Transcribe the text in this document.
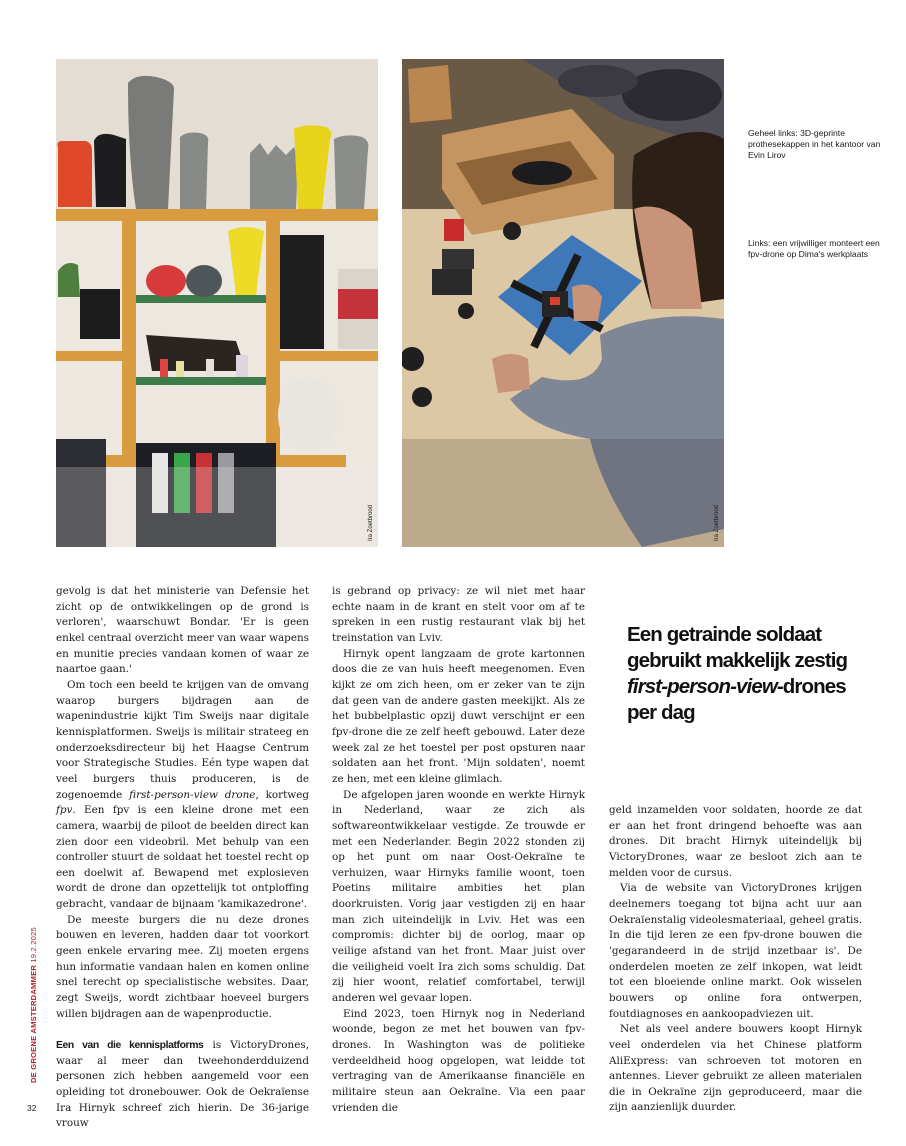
Ira Zoetbrood	Ira Zoetbrood
Geheel links: 3D-geprinte prothesekappen in het kantoor van Evin Lirov
Links: een vrijwilliger monteert een fpv-drone op Dima's werkplaats

gevolg is dat het ministerie van Defensie het zicht op de ontwikkelingen op de grond is verloren', waarschuwt Bondar. 'Er is geen enkel centraal overzicht meer van waar wapens en munitie precies vandaan komen of waar ze naartoe gaan.'

Om toch een beeld te krijgen van de omvang waarop burgers bijdragen aan de wapenindustrie kijkt Tim Sweijs naar digitale kennisplatformen. Sweijs is militair strateeg en onderzoeksdirecteur bij het Haagse Centrum voor Strategische Studies. Eén type wapen dat veel burgers thuis produceren, is de zogenoemde first-person-view drone, kortweg fpv. Een fpv is een kleine drone met een camera, waarbij de piloot de beelden direct kan zien door een videobril. Met behulp van een controller stuurt de soldaat het toestel recht op een doelwit af. Bewapend met explosieven wordt de drone dan opzettelijk tot ontploffing gebracht, vandaar de bijnaam 'kamikazedrone'.

De meeste burgers die nu deze drones bouwen en leveren, hadden daar tot voorkort geen enkele ervaring mee. Zij moeten ergens hun informatie vandaan halen en komen online snel terecht op specialistische websites. Daar, zegt Sweijs, wordt zichtbaar hoeveel burgers willen bijdragen aan de wapenproductie.

Een van die kennisplatforms is VictoryDrones, waar al meer dan tweehonderdduizend personen zich hebben aangemeld voor een opleiding tot dronebouwer. Ook de Oekraïense Ira Hirnyk schreef zich hierin. De 36-jarige vrouw

is gebrand op privacy: ze wil niet met haar echte naam in de krant en stelt voor om af te spreken in een rustig restaurant vlak bij het treinstation van Lviv.

Hirnyk opent langzaam de grote kartonnen doos die ze van huis heeft meegenomen. Even kijkt ze om zich heen, om er zeker van te zijn dat geen van de andere gasten meekijkt. Als ze het bubbelplastic opzij duwt verschijnt er een fpv-drone die ze zelf heeft gebouwd. Later deze week zal ze het toestel per post opsturen naar soldaten aan het front. 'Mijn soldaten', noemt ze hen, met een kleine glimlach.

De afgelopen jaren woonde en werkte Hirnyk in Nederland, waar ze zich als softwareontwikkelaar vestigde. Ze trouwde er met een Nederlander. Begin 2022 stonden zij op het punt om naar Oost-Oekraïne te verhuizen, waar Hirnyks familie woont, toen Poetins militaire ambities het plan doorkruisten. Vorig jaar vestigden zij en haar man zich uiteindelijk in Lviv. Het was een compromis: dichter bij de oorlog, maar op veilige afstand van het front. Maar juist over die veiligheid voelt Ira zich soms schuldig. Dat zij hier woont, relatief comfortabel, terwijl anderen wel gevaar lopen.

Eind 2023, toen Hirnyk nog in Nederland woonde, begon ze met het bouwen van fpv-drones. In Washington was de politieke verdeeldheid hoog opgelopen, wat leidde tot vertraging van de Amerikaanse financiële en militaire steun aan Oekraïne. Via een paar vrienden die

Een getrainde soldaat gebruikt makkelijk zestig first-person-view-drones per dag

geld inzamelden voor soldaten, hoorde ze dat er aan het front dringend behoefte was aan drones. Dit bracht Hirnyk uiteindelijk bij VictoryDrones, waar ze besloot zich aan te melden voor de cursus.

Via de website van VictoryDrones krijgen deelnemers toegang tot bijna acht uur aan Oekraïenstalig videolesmateriaal, geheel gratis. In die tijd leren ze een fpv-drone bouwen die 'gegarandeerd in de strijd inzetbaar is'. De onderdelen moeten ze zelf inkopen, wat leidt tot een bloeiende online markt. Ook wisselen bouwers op online fora ontwerpen, foutdiagnoses en aankoopadviezen uit.

Net als veel andere bouwers koopt Hirnyk veel onderdelen via het Chinese platform AliExpress: van schroeven tot motoren en antennes. Liever gebruikt ze alleen materialen die in Oekraïne zijn geproduceerd, maar die zijn aanzienlijk duurder.

DE GROENE AMSTERDAMMER 19.2.2025
32
